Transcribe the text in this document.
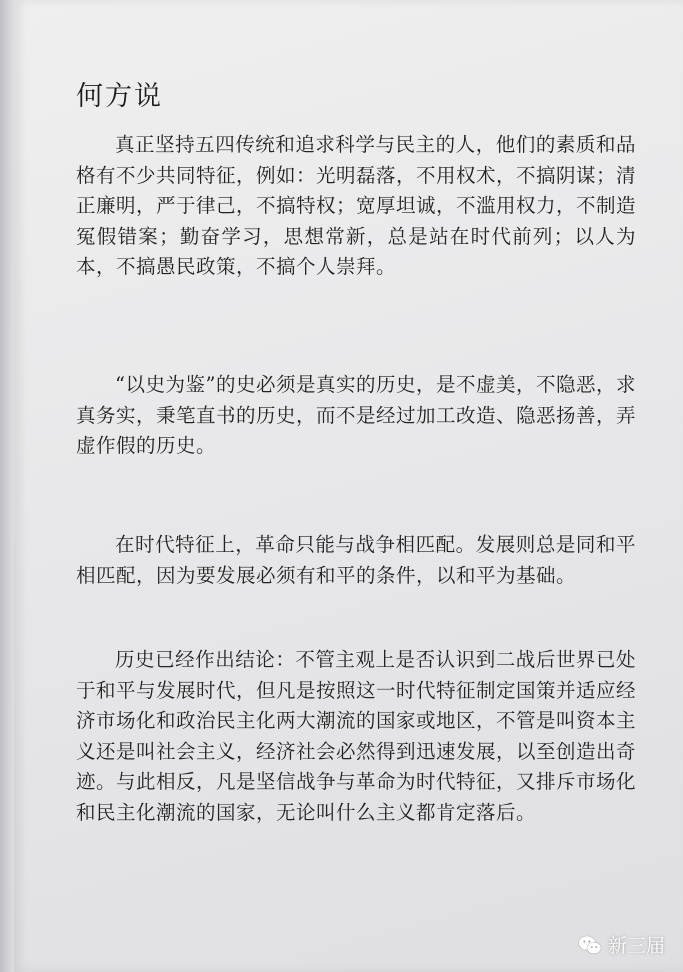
何方说

真正坚持五四传统和追求科学与民主的人，他们的素质和品格有不少共同特征，例如：光明磊落，不用权术，不搞阴谋；清正廉明，严于律己，不搞特权；宽厚坦诚，不滥用权力，不制造冤假错案；勤奋学习，思想常新，总是站在时代前列；以人为本，不搞愚民政策，不搞个人崇拜。

“以史为鉴”的史必须是真实的历史，是不虚美，不隐恶，求真务实，秉笔直书的历史，而不是经过加工改造、隐恶扬善，弄虚作假的历史。

在时代特征上，革命只能与战争相匹配。发展则总是同和平相匹配，因为要发展必须有和平的条件，以和平为基础。

历史已经作出结论：不管主观上是否认识到二战后世界已处于和平与发展时代，但凡是按照这一时代特征制定国策并适应经济市场化和政治民主化两大潮流的国家或地区，不管是叫资本主义还是叫社会主义，经济社会必然得到迅速发展，以至创造出奇迹。与此相反，凡是坚信战争与革命为时代特征，又排斥市场化和民主化潮流的国家，无论叫什么主义都肯定落后。

新三届
